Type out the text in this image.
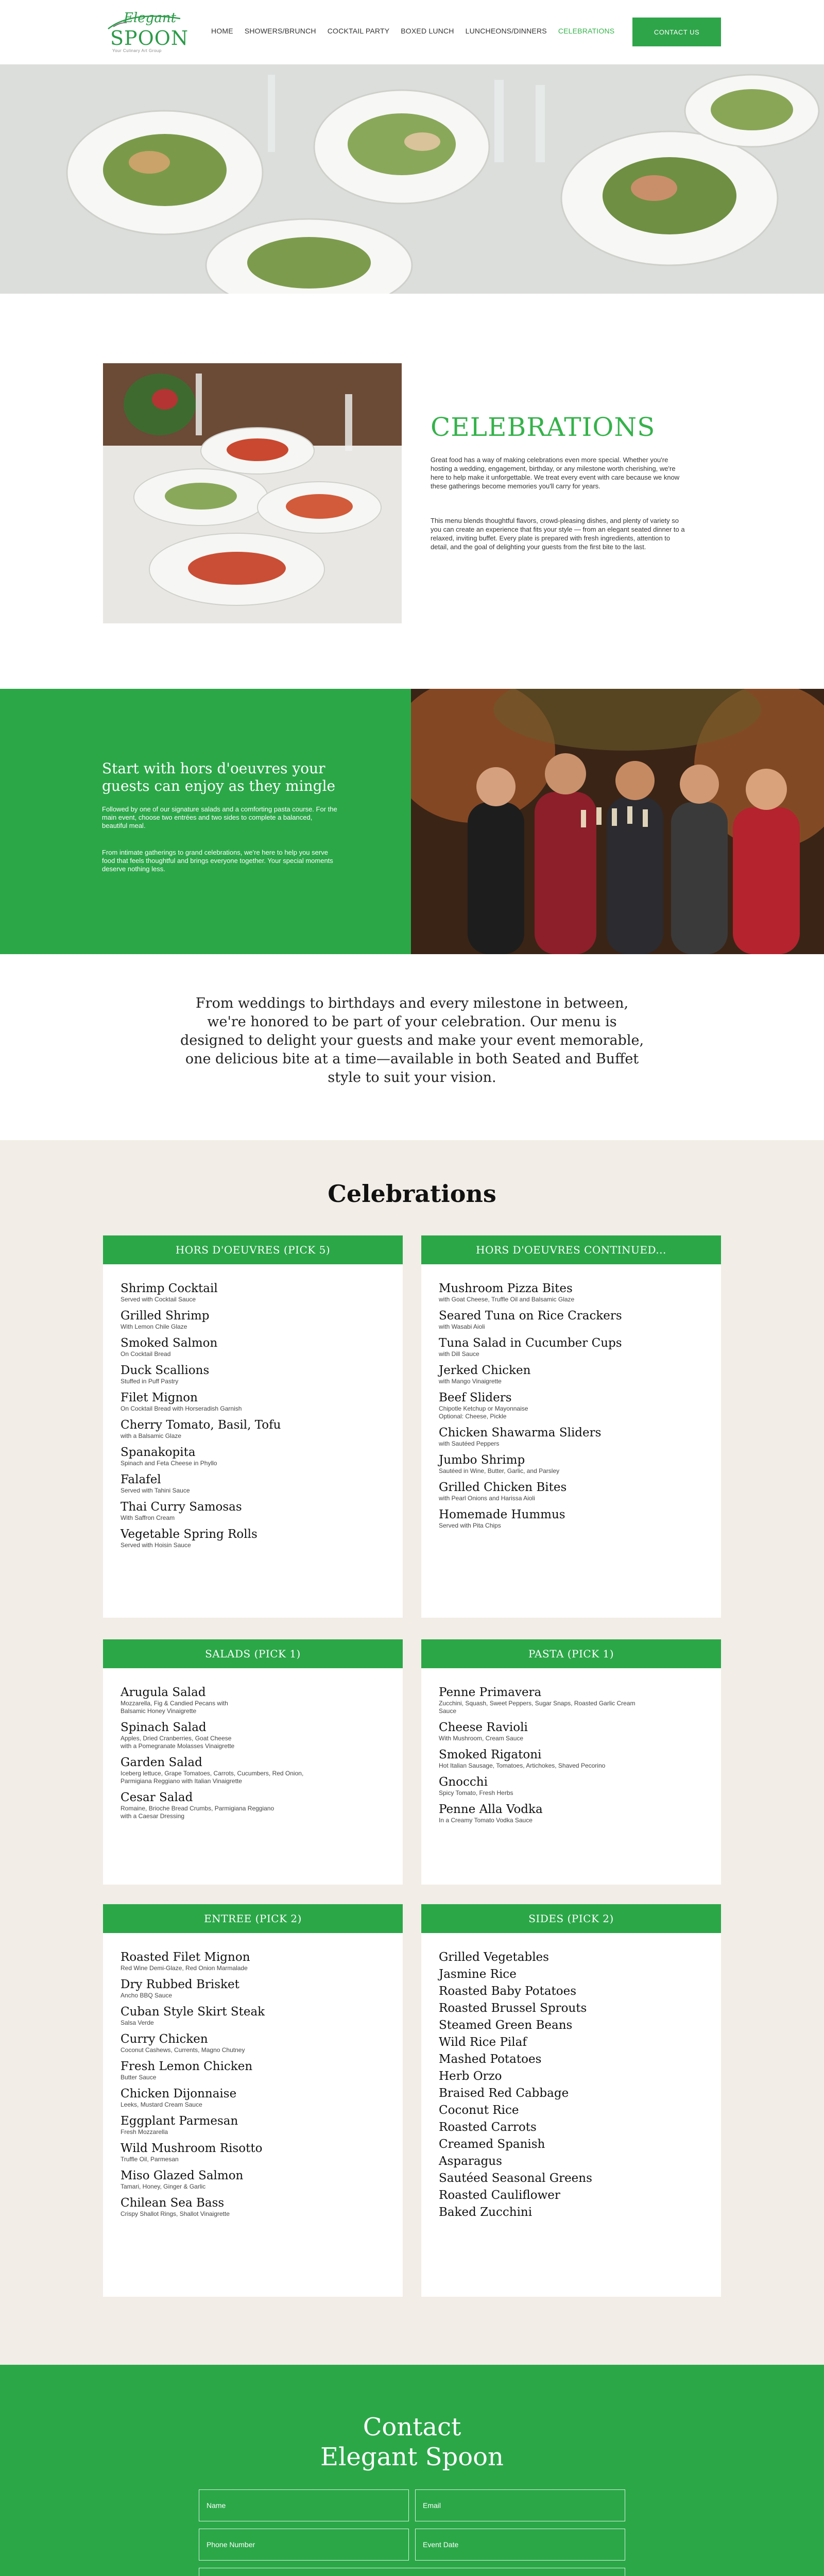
Elegant
SPOON
Your Culinary Art Group
HOME SHOWERS/BRUNCH COCKTAIL PARTY BOXED LUNCH LUNCHEONS/DINNERS CELEBRATIONS	CONTACT US
CELEBRATIONS

Great food has a way of making celebrations even more special. Whether you're hosting a wedding, engagement, birthday, or any milestone worth cherishing, we're here to help make it unforgettable. We treat every event with care because we know these gatherings become memories you'll carry for years.

This menu blends thoughtful flavors, crowd-pleasing dishes, and plenty of variety so you can create an experience that fits your style — from an elegant seated dinner to a relaxed, inviting buffet. Every plate is prepared with fresh ingredients, attention to detail, and the goal of delighting your guests from the first bite to the last.

Start with hors d'oeuvres your guests can enjoy as they mingle

Followed by one of our signature salads and a comforting pasta course. For the main event, choose two entrées and two sides to complete a balanced, beautiful meal.

From intimate gatherings to grand celebrations, we're here to help you serve food that feels thoughtful and brings everyone together. Your special moments deserve nothing less.

From weddings to birthdays and every milestone in between, we're honored to be part of your celebration. Our menu is designed to delight your guests and make your event memorable, one delicious bite at a time—available in both Seated and Buffet style to suit your vision.

Celebrations
HORS D'OEUVRES (PICK 5)
Shrimp Cocktail
Served with Cocktail Sauce
Grilled Shrimp
With Lemon Chile Glaze
Smoked Salmon
On Cocktail Bread
Duck Scallions
Stuffed in Puff Pastry
Filet Mignon
On Cocktail Bread with Horseradish Garnish
Cherry Tomato, Basil, Tofu
with a Balsamic Glaze
Spanakopita
Spinach and Feta Cheese in Phyllo
Falafel
Served with Tahini Sauce
Thai Curry Samosas
With Saffron Cream
Vegetable Spring Rolls
Served with Hoisin Sauce
HORS D'OEUVRES CONTINUED...
Mushroom Pizza Bites
with Goat Cheese, Truffle Oil and Balsamic Glaze
Seared Tuna on Rice Crackers
with Wasabi Aioli
Tuna Salad in Cucumber Cups
with Dill Sauce
Jerked Chicken
with Mango Vinaigrette
Beef Sliders
Chipotle Ketchup or Mayonnaise
Optional: Cheese, Pickle
Chicken Shawarma Sliders
with Sautéed Peppers
Jumbo Shrimp
Sautéed in Wine, Butter, Garlic, and Parsley
Grilled Chicken Bites
with Pearl Onions and Harissa Aioli
Homemade Hummus
Served with Pita Chips
SALADS (PICK 1)
Arugula Salad
Mozzarella, Fig & Candied Pecans with
Balsamic Honey Vinaigrette
Spinach Salad
Apples, Dried Cranberries, Goat Cheese
with a Pomegranate Molasses Vinaigrette
Garden Salad
Iceberg lettuce, Grape Tomatoes, Carrots, Cucumbers, Red Onion,
Parmigiana Reggiano with Italian Vinaigrette
Cesar Salad
Romaine, Brioche Bread Crumbs, Parmigiana Reggiano
with a Caesar Dressing
PASTA (PICK 1)
Penne Primavera
Zucchini, Squash, Sweet Peppers, Sugar Snaps, Roasted Garlic Cream
Sauce
Cheese Ravioli
With Mushroom, Cream Sauce
Smoked Rigatoni
Hot Italian Sausage, Tomatoes, Artichokes, Shaved Pecorino
Gnocchi
Spicy Tomato, Fresh Herbs
Penne Alla Vodka
In a Creamy Tomato Vodka Sauce
ENTREE (PICK 2)
Roasted Filet Mignon
Red Wine Demi-Glaze, Red Onion Marmalade
Dry Rubbed Brisket
Ancho BBQ Sauce
Cuban Style Skirt Steak
Salsa Verde
Curry Chicken
Coconut Cashews, Currents, Magno Chutney
Fresh Lemon Chicken
Butter Sauce
Chicken Dijonnaise
Leeks, Mustard Cream Sauce
Eggplant Parmesan
Fresh Mozzarella
Wild Mushroom Risotto
Truffle Oil, Parmesan
Miso Glazed Salmon
Tamari, Honey, Ginger & Garlic
Chilean Sea Bass
Crispy Shallot Rings, Shallot Vinaigrette
SIDES (PICK 2)
Grilled Vegetables
Jasmine Rice
Roasted Baby Potatoes
Roasted Brussel Sprouts
Steamed Green Beans
Wild Rice Pilaf
Mashed Potatoes
Herb Orzo
Braised Red Cabbage
Coconut Rice
Roasted Carrots
Creamed Spanish
Asparagus
Sautéed Seasonal Greens
Roasted Cauliflower
Baked Zucchini
Contact
Elegant Spoon
Name	Email
Phone Number	Event Date
